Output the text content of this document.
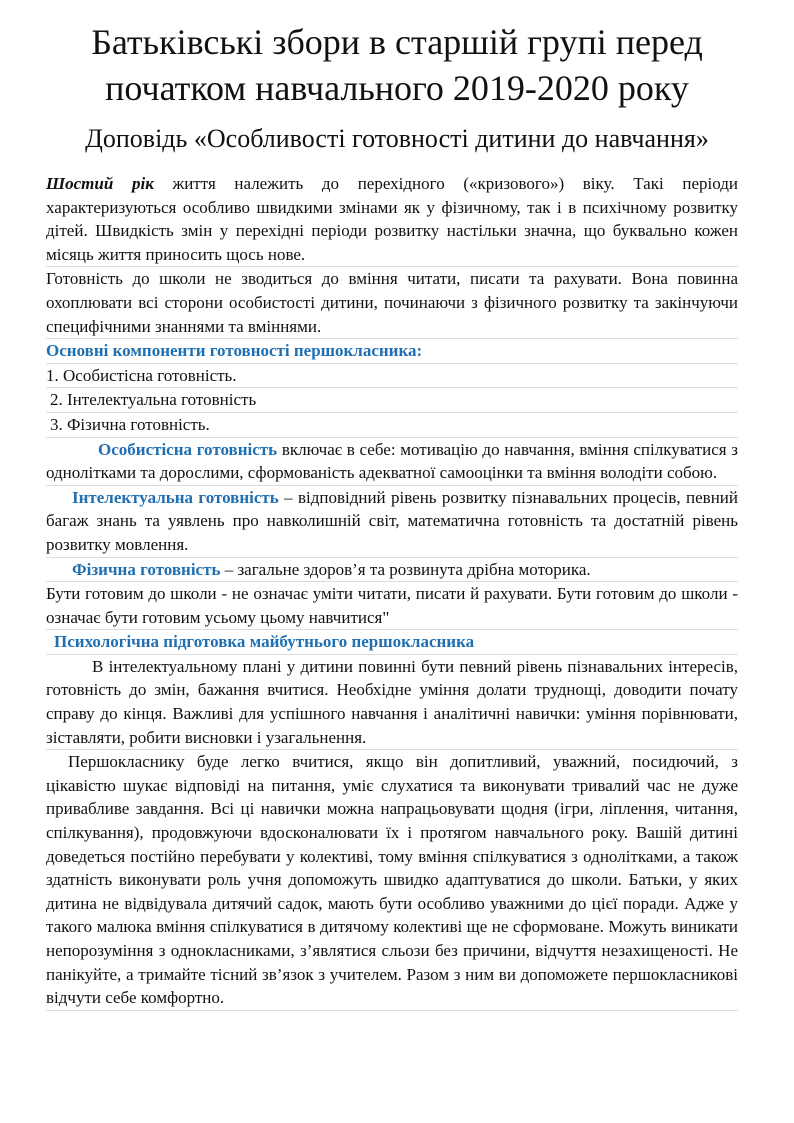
Батьківські збори в старшій групі перед
початком навчального 2019-2020 року
Доповідь «Особливості готовності дитини до навчання»

Шостий рік життя належить до перехідного («кризового») віку. Такі періоди характеризуються особливо швидкими змінами як у фізичному, так і в психічному розвитку дітей. Швидкість змін у перехідні періоди розвитку настільки значна, що буквально кожен місяць життя приносить щось нове.

Готовність до школи не зводиться до вміння читати, писати та рахувати. Вона повинна охоплювати всі сторони особистості дитини, починаючи з фізичного розвитку та закінчуючи специфічними знаннями та вміннями.

Основні компоненти готовності першокласника:

1. Особистісна готовність.

2. Інтелектуальна готовність

3. Фізична готовність.

Особистісна готовність включає в себе: мотивацію до навчання, вміння спілкуватися з однолітками та дорослими, сформованість адекватної самооцінки та вміння володіти собою.

Інтелектуальна готовність – відповідний рівень розвитку пізнавальних процесів, певний багаж знань та уявлень про навколишній світ, математична готовність та достатній рівень розвитку мовлення.

Фізична готовність – загальне здоров’я та розвинута дрібна моторика.

Бути готовим до школи - не означає уміти читати, писати й рахувати. Бути готовим до школи - означає бути готовим усьому цьому навчитися"

Психологічна підготовка майбутнього першокласника

В інтелектуальному плані у дитини повинні бути певний рівень пізнавальних інтересів, готовність до змін, бажання вчитися. Необхідне уміння долати труднощі, доводити почату справу до кінця. Важливі для успішного навчання і аналітичні навички: уміння порівнювати, зіставляти, робити висновки і узагальнення.

Першокласнику буде легко вчитися, якщо він допитливий, уважний, посидючий, з цікавістю шукає відповіді на питання, уміє слухатися та виконувати тривалий час не дуже привабливе завдання. Всі ці навички можна напрацьовувати щодня (ігри, ліплення, читання, спілкування), продовжуючи вдосконалювати їх і протягом навчального року. Вашій дитині доведеться постійно перебувати у колективі, тому вміння спілкуватися з однолітками, а також здатність виконувати роль учня допоможуть швидко адаптуватися до школи. Батьки, у яких дитина не відвідувала дитячий садок, мають бути особливо уважними до цієї поради. Адже у такого малюка вміння спілкуватися в дитячому колективі ще не сформоване. Можуть виникати непорозуміння з однокласниками, з’являтися сльози без причини, відчуття незахищеності. Не панікуйте, а тримайте тісний зв’язок з учителем. Разом з ним ви допоможете першокласникові відчути себе комфортно.
